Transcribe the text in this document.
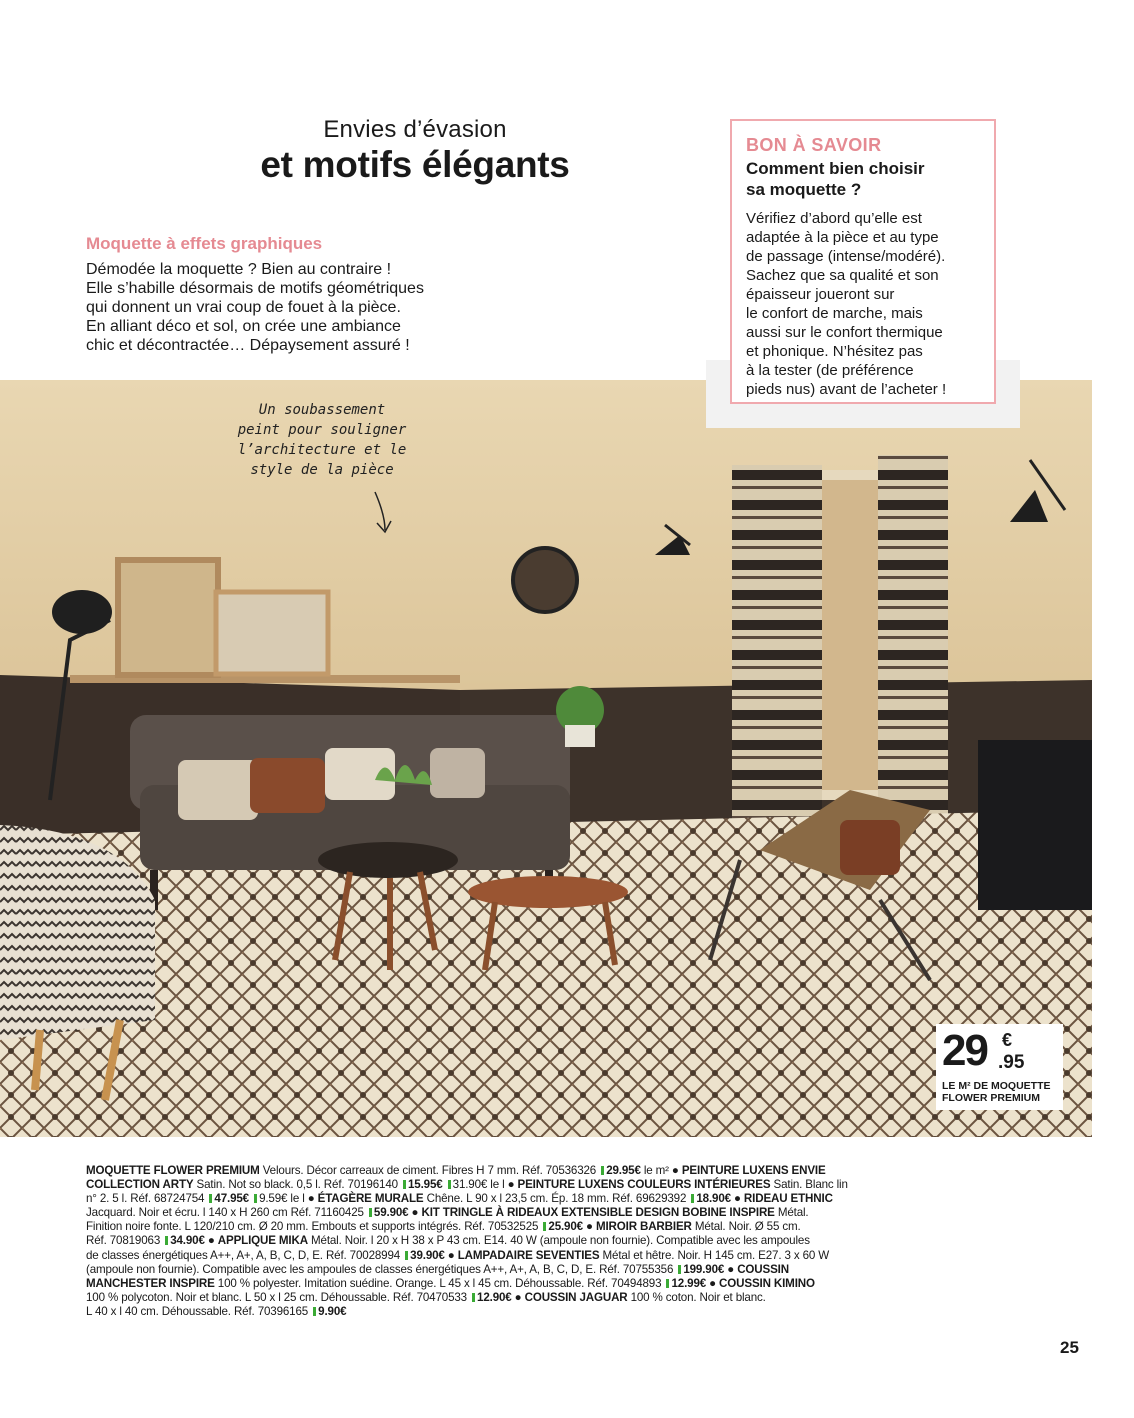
Envies d’évasion
et motifs élégants
Moquette à effets graphiques
Démodée la moquette ? Bien au contraire !
Elle s’habille désormais de motifs géométriques
qui donnent un vrai coup de fouet à la pièce.
En alliant déco et sol, on crée une ambiance
chic et décontractée… Dépaysement assuré !
BON À SAVOIR
Comment bien choisir
sa moquette ?
Vérifiez d’abord qu’elle est
adaptée à la pièce et au type
de passage (intense/modéré).
Sachez que sa qualité et son
épaisseur joueront sur
le confort de marche, mais
aussi sur le confort thermique
et phonique. N’hésitez pas
à la tester (de préférence
pieds nus) avant de l’acheter !
Un soubassement
peint pour souligner
l’architecture et le
style de la pièce
29 €
.95
LE M² DE MOQUETTE
FLOWER PREMIUM
MOQUETTE FLOWER PREMIUM Velours. Décor carreaux de ciment. Fibres H 7 mm. Réf. 70536326 29.95€ le m² ● PEINTURE LUXENS ENVIE
COLLECTION ARTY Satin. Not so black. 0,5 l. Réf. 70196140 15.95€ 31.90€ le l ● PEINTURE LUXENS COULEURS INTÉRIEURES Satin. Blanc lin
n° 2. 5 l. Réf. 68724754 47.95€ 9.59€ le l ● ÉTAGÈRE MURALE Chêne. L 90 x l 23,5 cm. Ép. 18 mm. Réf. 69629392 18.90€ ● RIDEAU ETHNIC
Jacquard. Noir et écru. l 140 x H 260 cm Réf. 71160425 59.90€ ● KIT TRINGLE À RIDEAUX EXTENSIBLE DESIGN BOBINE INSPIRE Métal.
Finition noire fonte. L 120/210 cm. Ø 20 mm. Embouts et supports intégrés. Réf. 70532525 25.90€ ● MIROIR BARBIER Métal. Noir. Ø 55 cm.
Réf. 70819063 34.90€ ● APPLIQUE MIKA Métal. Noir. l 20 x H 38 x P 43 cm. E14. 40 W (ampoule non fournie). Compatible avec les ampoules
de classes énergétiques A++, A+, A, B, C, D, E. Réf. 70028994 39.90€ ● LAMPADAIRE SEVENTIES Métal et hêtre. Noir. H 145 cm. E27. 3 x 60 W
(ampoule non fournie). Compatible avec les ampoules de classes énergétiques A++, A+, A, B, C, D, E. Réf. 70755356 199.90€ ● COUSSIN
MANCHESTER INSPIRE 100 % polyester. Imitation suédine. Orange. L 45 x l 45 cm. Déhoussable. Réf. 70494893 12.99€ ● COUSSIN KIMINO
100 % polycoton. Noir et blanc. L 50 x l 25 cm. Déhoussable. Réf. 70470533 12.90€ ● COUSSIN JAGUAR 100 % coton. Noir et blanc.
L 40 x l 40 cm. Déhoussable. Réf. 70396165 9.90€
25
